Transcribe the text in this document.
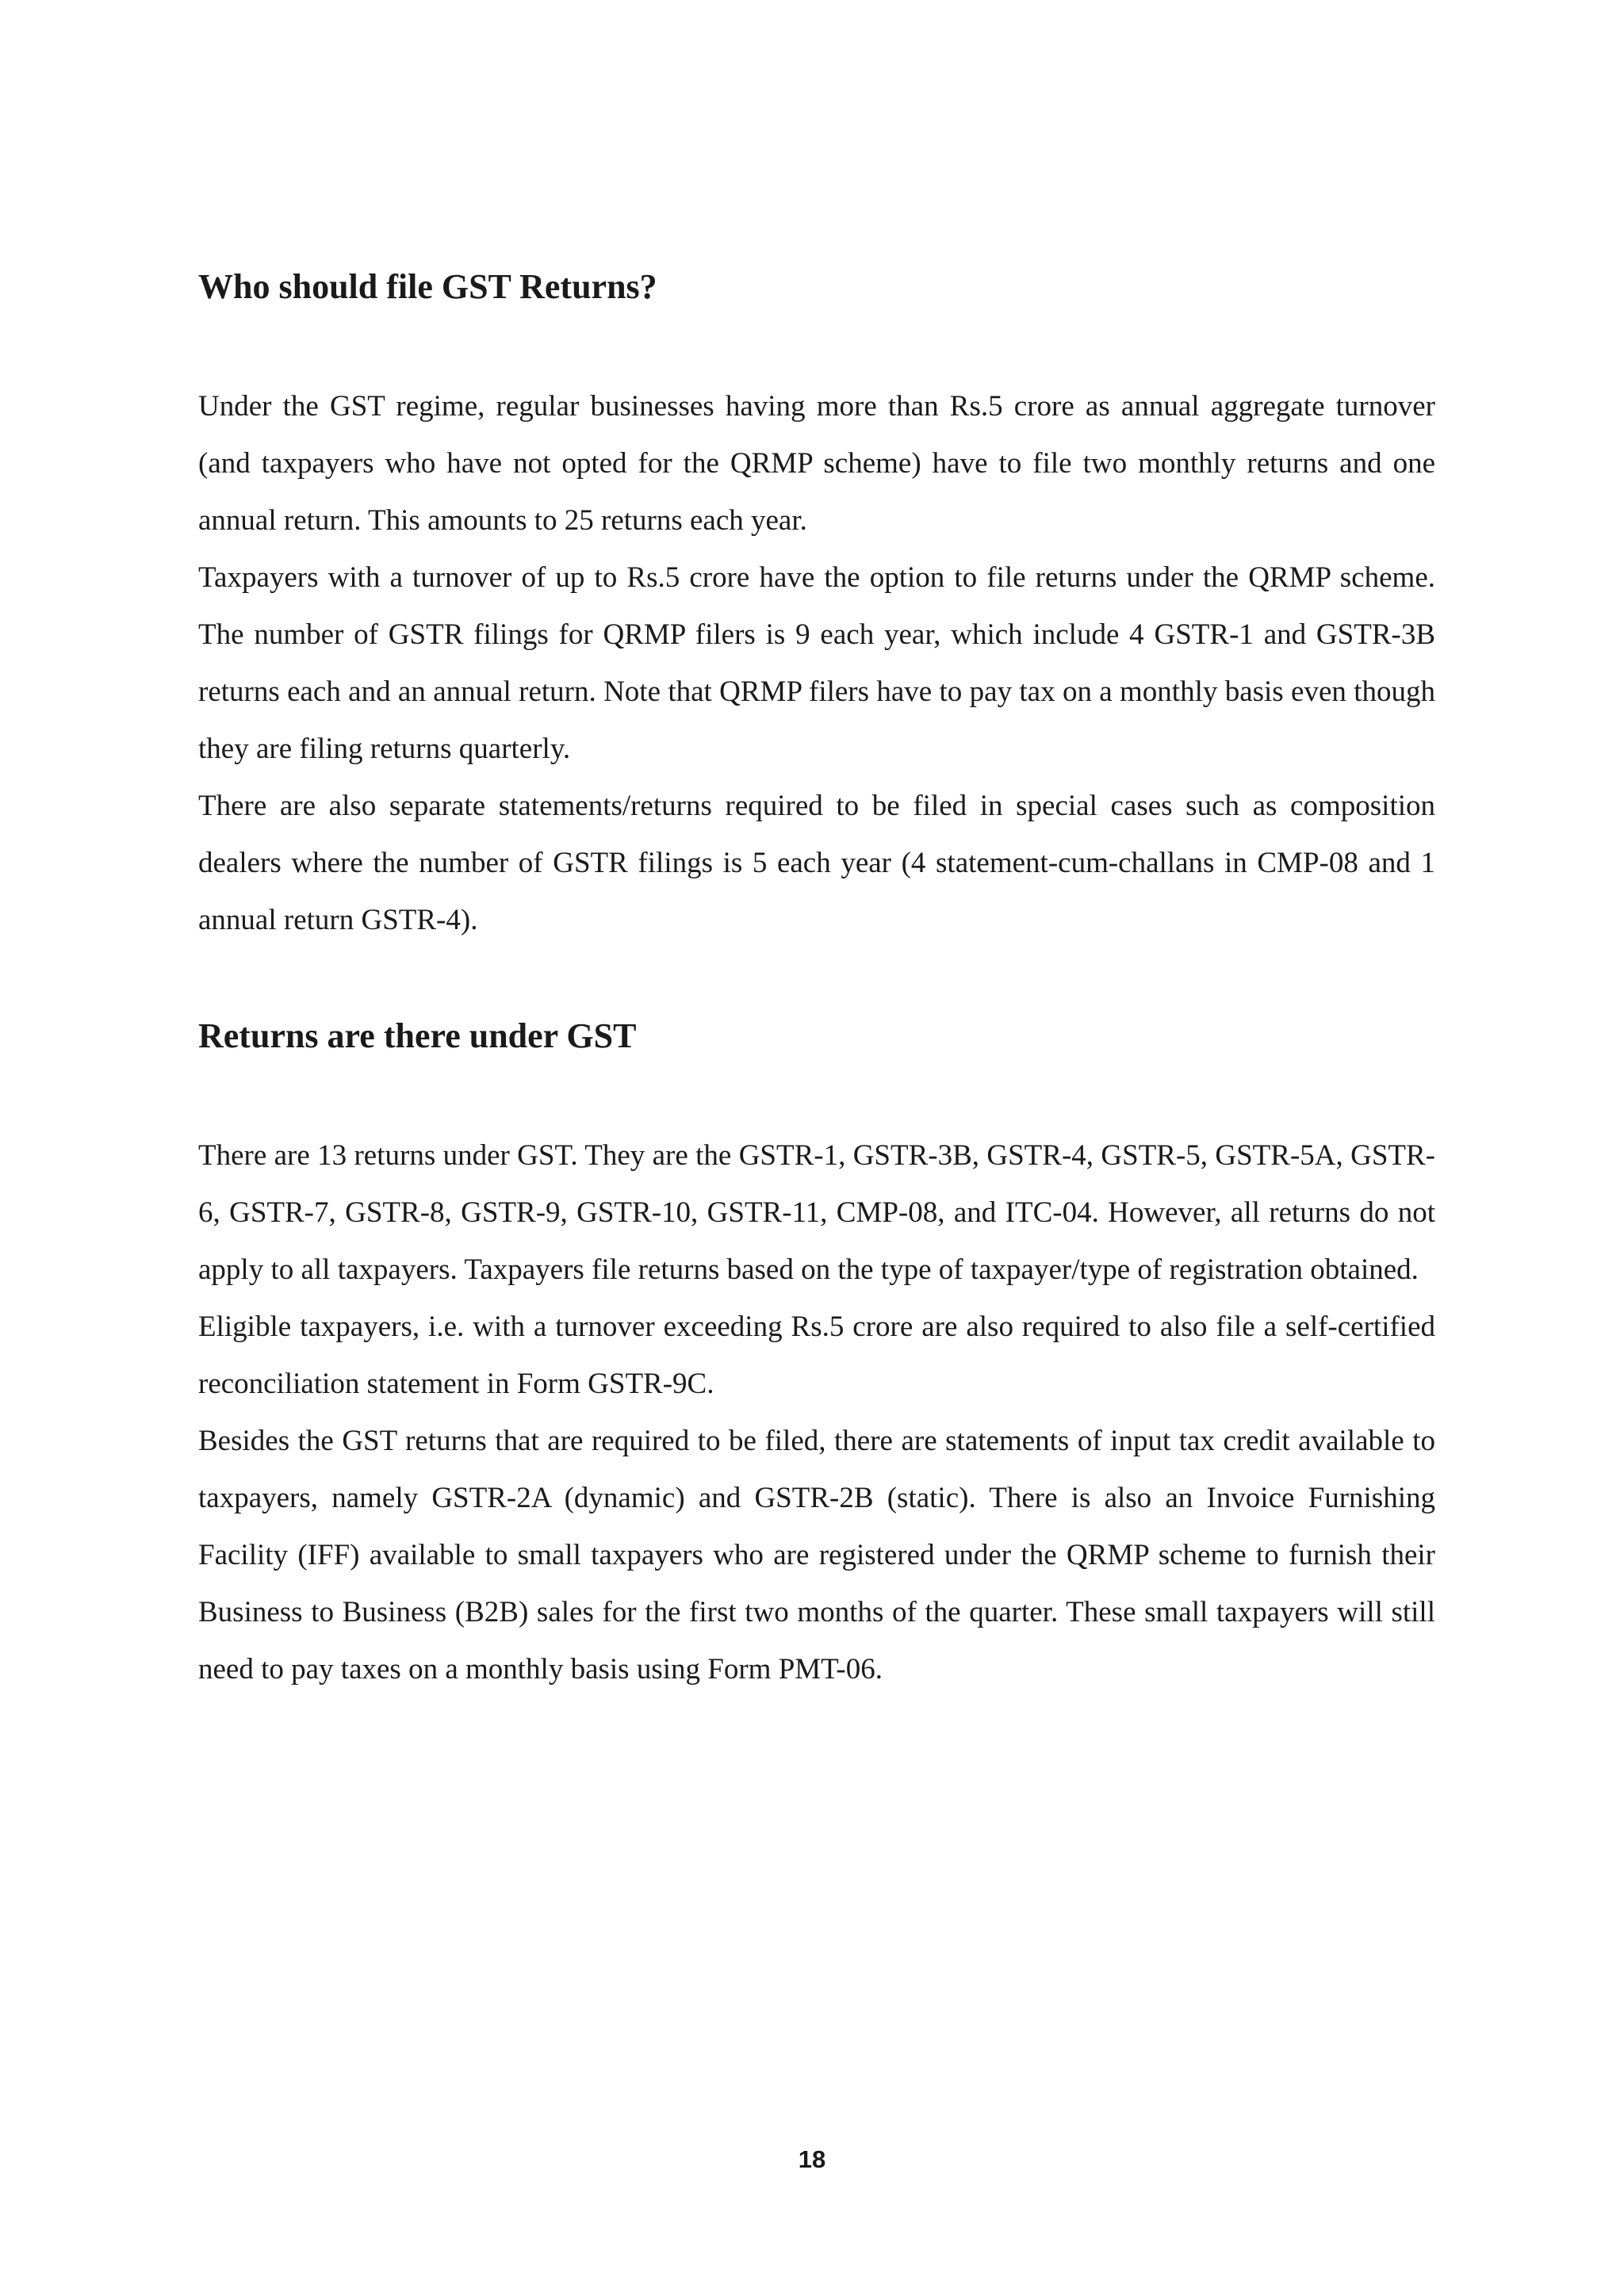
Who should file GST Returns?

Under the GST regime, regular businesses having more than Rs.5 crore as annual aggregate turnover (and taxpayers who have not opted for the QRMP scheme) have to file two monthly returns and one annual return. This amounts to 25 returns each year.

Taxpayers with a turnover of up to Rs.5 crore have the option to file returns under the QRMP scheme. The number of GSTR filings for QRMP filers is 9 each year, which include 4 GSTR-1 and GSTR-3B returns each and an annual return. Note that QRMP filers have to pay tax on a monthly basis even though they are filing returns quarterly.

There are also separate statements/returns required to be filed in special cases such as composition dealers where the number of GSTR filings is 5 each year (4 statement-cum-challans in CMP-08 and 1 annual return GSTR-4).

Returns are there under GST

There are 13 returns under GST. They are the GSTR-1, GSTR-3B, GSTR-4, GSTR-5, GSTR-5A, GSTR-6, GSTR-7, GSTR-8, GSTR-9, GSTR-10, GSTR-11, CMP-08, and ITC-04. However, all returns do not apply to all taxpayers. Taxpayers file returns based on the type of taxpayer/type of registration obtained.

Eligible taxpayers, i.e. with a turnover exceeding Rs.5 crore are also required to also file a self-certified reconciliation statement in Form GSTR-9C.

Besides the GST returns that are required to be filed, there are statements of input tax credit available to taxpayers, namely GSTR-2A (dynamic) and GSTR-2B (static). There is also an Invoice Furnishing Facility (IFF) available to small taxpayers who are registered under the QRMP scheme to furnish their Business to Business (B2B) sales for the first two months of the quarter. These small taxpayers will still need to pay taxes on a monthly basis using Form PMT-06.

18
